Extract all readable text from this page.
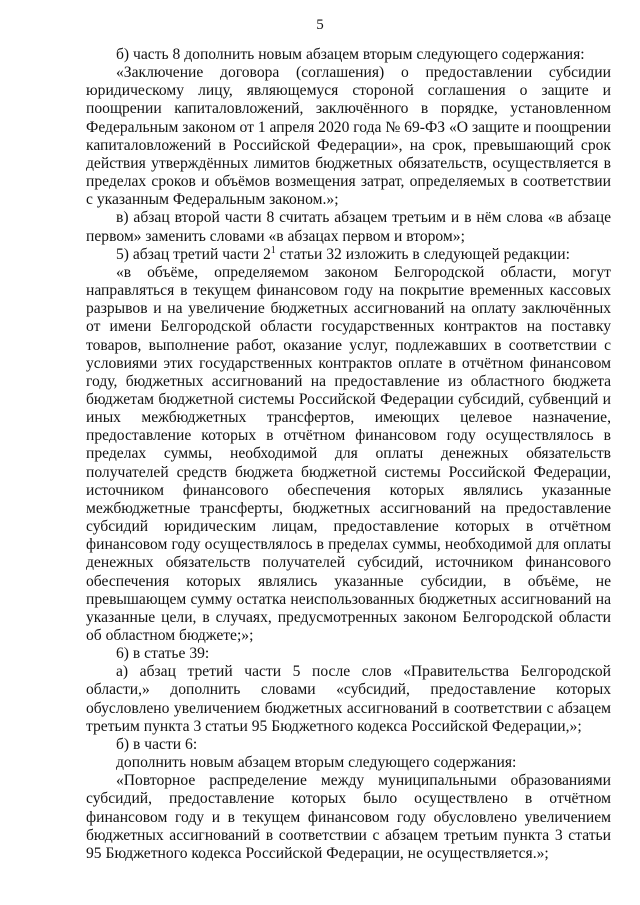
5

б) часть 8 дополнить новым абзацем вторым следующего содержания:

«Заключение договора (соглашения) о предоставлении субсидии юридическому лицу, являющемуся стороной соглашения о защите и поощрении капиталовложений, заключённого в порядке, установленном Федеральным законом от 1 апреля 2020 года № 69-ФЗ «О защите и поощрении капиталовложений в Российской Федерации», на срок, превышающий срок действия утверждённых лимитов бюджетных обязательств, осуществляется в пределах сроков и объёмов возмещения затрат, определяемых в соответствии с указанным Федеральным законом.»;

в) абзац второй части 8 считать абзацем третьим и в нём слова «в абзаце первом» заменить словами «в абзацах первом и втором»;

5) абзац третий части $2^1$ статьи 32 изложить в следующей редакции:

«в объёме, определяемом законом Белгородской области, могут направляться в текущем финансовом году на покрытие временных кассовых разрывов и на увеличение бюджетных ассигнований на оплату заключённых от имени Белгородской области государственных контрактов на поставку товаров, выполнение работ, оказание услуг, подлежавших в соответствии с условиями этих государственных контрактов оплате в отчётном финансовом году, бюджетных ассигнований на предоставление из областного бюджета бюджетам бюджетной системы Российской Федерации субсидий, субвенций и иных межбюджетных трансфертов, имеющих целевое назначение, предоставление которых в отчётном финансовом году осуществлялось в пределах суммы, необходимой для оплаты денежных обязательств получателей средств бюджета бюджетной системы Российской Федерации, источником финансового обеспечения которых являлись указанные межбюджетные трансферты, бюджетных ассигнований на предоставление субсидий юридическим лицам, предоставление которых в отчётном финансовом году осуществлялось в пределах суммы, необходимой для оплаты денежных обязательств получателей субсидий, источником финансового обеспечения которых являлись указанные субсидии, в объёме, не превышающем сумму остатка неиспользованных бюджетных ассигнований на указанные цели, в случаях, предусмотренных законом Белгородской области об областном бюджете;»;

6) в статье 39:

а) абзац третий части 5 после слов «Правительства Белгородской области,» дополнить словами «субсидий, предоставление которых обусловлено увеличением бюджетных ассигнований в соответствии с абзацем третьим пункта 3 статьи 95 Бюджетного кодекса Российской Федерации,»;

б) в части 6:

дополнить новым абзацем вторым следующего содержания:

«Повторное распределение между муниципальными образованиями субсидий, предоставление которых было осуществлено в отчётном финансовом году и в текущем финансовом году обусловлено увеличением бюджетных ассигнований в соответствии с абзацем третьим пункта 3 статьи 95 Бюджетного кодекса Российской Федерации, не осуществляется.»;
